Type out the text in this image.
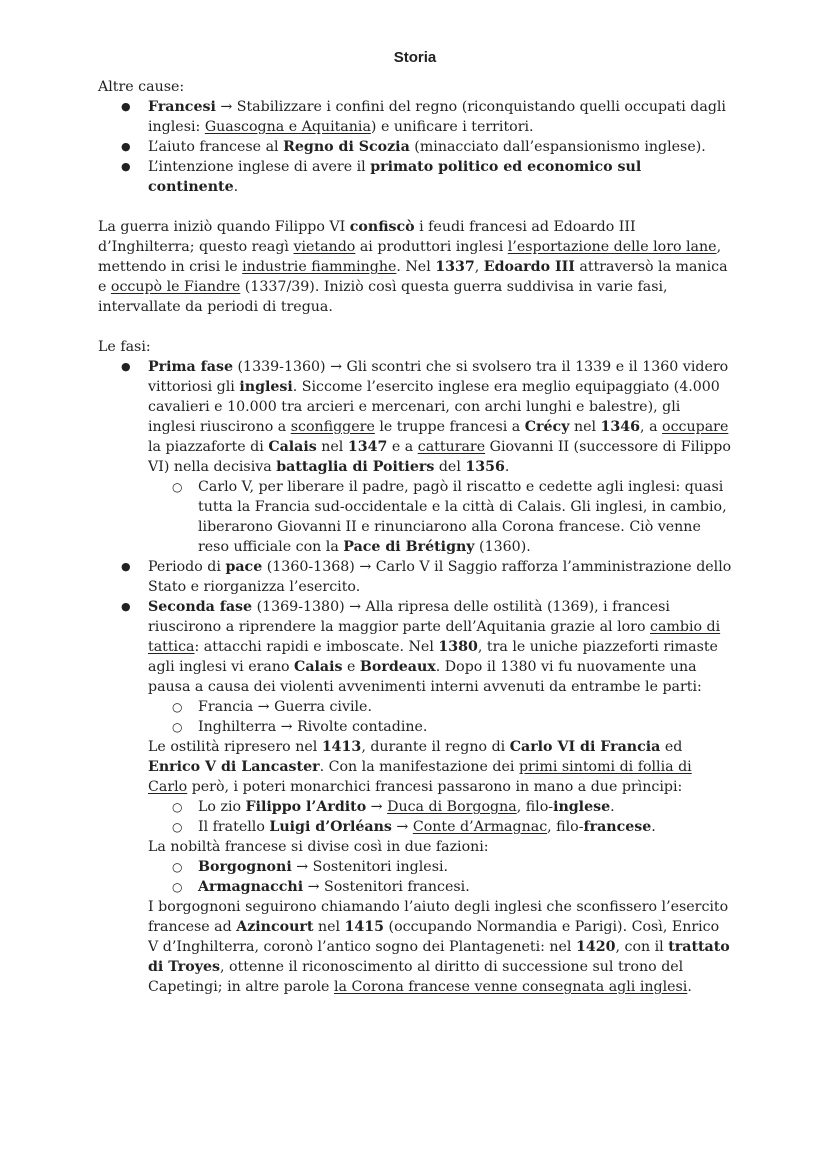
Storia

Altre cause:

● Francesi → Stabilizzare i confini del regno (riconquistando quelli occupati dagli inglesi: Guascogna e Aquitania) e unificare i territori.
● L’aiuto francese al Regno di Scozia (minacciato dall’espansionismo inglese).
● L’intenzione inglese di avere il primato politico ed economico sul continente.

La guerra iniziò quando Filippo VI confiscò i feudi francesi ad Edoardo III d’Inghilterra; questo reagì vietando ai produttori inglesi l’esportazione delle loro lane, mettendo in crisi le industrie fiamminghe. Nel 1337, Edoardo III attraversò la manica e occupò le Fiandre (1337/39). Iniziò così questa guerra suddivisa in varie fasi, intervallate da periodi di tregua.

Le fasi:

● Prima fase (1339-1360) → Gli scontri che si svolsero tra il 1339 e il 1360 videro vittoriosi gli inglesi. Siccome l’esercito inglese era meglio equipaggiato (4.000 cavalieri e 10.000 tra arcieri e mercenari, con archi lunghi e balestre), gli inglesi riuscirono a sconfiggere le truppe francesi a Crécy nel 1346, a occupare la piazzaforte di Calais nel 1347 e a catturare Giovanni II (successore di Filippo VI) nella decisiva battaglia di Poitiers del 1356.
○ Carlo V, per liberare il padre, pagò il riscatto e cedette agli inglesi: quasi tutta la Francia sud-occidentale e la città di Calais. Gli inglesi, in cambio, liberarono Giovanni II e rinunciarono alla Corona francese. Ciò venne reso ufficiale con la Pace di Brétigny (1360).
● Periodo di pace (1360-1368) → Carlo V il Saggio rafforza l’amministrazione dello Stato e riorganizza l’esercito.
● Seconda fase (1369-1380) → Alla ripresa delle ostilità (1369), i francesi riuscirono a riprendere la maggior parte dell’Aquitania grazie al loro cambio di tattica: attacchi rapidi e imboscate. Nel 1380, tra le uniche piazzeforti rimaste agli inglesi vi erano Calais e Bordeaux. Dopo il 1380 vi fu nuovamente una pausa a causa dei violenti avvenimenti interni avvenuti da entrambe le parti:
○ Francia → Guerra civile.
○ Inghilterra → Rivolte contadine.

Le ostilità ripresero nel 1413, durante il regno di Carlo VI di Francia ed Enrico V di Lancaster. Con la manifestazione dei primi sintomi di follia di Carlo però, i poteri monarchici francesi passarono in mano a due prìncipi:

○ Lo zio Filippo l’Ardito → Duca di Borgogna, filo-inglese.
○ Il fratello Luigi d’Orléans → Conte d’Armagnac, filo-francese.

La nobiltà francese si divise così in due fazioni:

○ Borgognoni → Sostenitori inglesi.
○ Armagnacchi → Sostenitori francesi.

I borgognoni seguirono chiamando l’aiuto degli inglesi che sconfissero l’esercito francese ad Azincourt nel 1415 (occupando Normandia e Parigi). Così, Enrico V d’Inghilterra, coronò l’antico sogno dei Plantageneti: nel 1420, con il trattato di Troyes, ottenne il riconoscimento al diritto di successione sul trono del Capetingi; in altre parole la Corona francese venne consegnata agli inglesi.
